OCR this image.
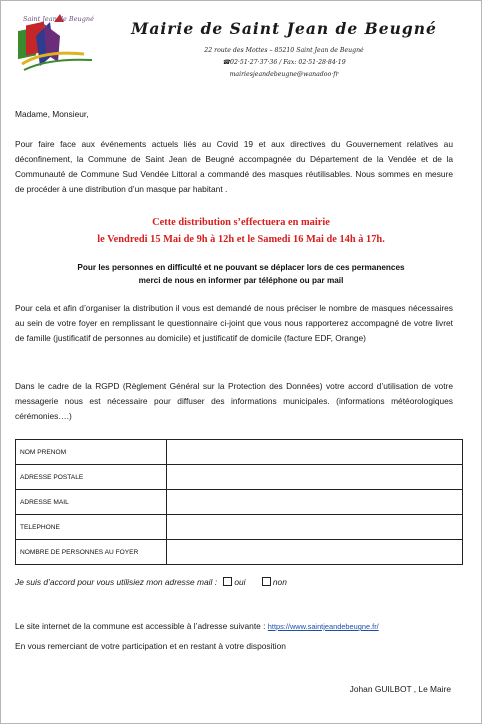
Saint Jean de Beugné	Mairie de Saint Jean de Beugné
22 route des Mottes – 85210 Saint Jean de Beugné
☎02·51·27·37·36 / Fax: 02·51·28·84·19
mairiesjeandebeugne@wanadoo·fr
Madame, Monsieur,
Pour faire face aux événements actuels liés au Covid 19 et aux directives du Gouvernement relatives au déconfinement, la Commune de Saint Jean de Beugné accompagnée du Département de la Vendée et de la Communauté de Commune Sud Vendée Littoral a commandé des masques réutilisables. Nous sommes en mesure de procéder à une distribution d’un masque par habitant .
Cette distribution s’effectuera en mairie
le Vendredi 15 Mai de 9h à 12h et le Samedi 16 Mai de 14h à 17h.
Pour les personnes en difficulté et ne pouvant se déplacer lors de ces permanences
merci de nous en informer par téléphone ou par mail
Pour cela et afin d’organiser la distribution il vous est demandé de nous préciser le nombre de masques nécessaires au sein de votre foyer en remplissant le questionnaire ci-joint que vous nous rapporterez accompagné de votre livret de famille (justificatif de personnes au domicile) et justificatif de domicile (facture EDF, Orange)
Dans le cadre de la RGPD (Règlement Général sur la Protection des Données) votre accord d’utilisation de votre messagerie nous est nécessaire pour diffuser des informations municipales. (informations météorologiques cérémonies….)
NOM PRENOM	
ADRESSE POSTALE	
ADRESSE MAIL	
TELEPHONE	
NOMBRE DE PERSONNES AU FOYER	
Je suis d’accord pour vous utilisiez mon adresse mail : oui	non
Le site internet de la commune est accessible à l’adresse suivante : https://www.saintjeandebeugne.fr/
En vous remerciant de votre participation et en restant à votre disposition
Johan GUILBOT , Le Maire
